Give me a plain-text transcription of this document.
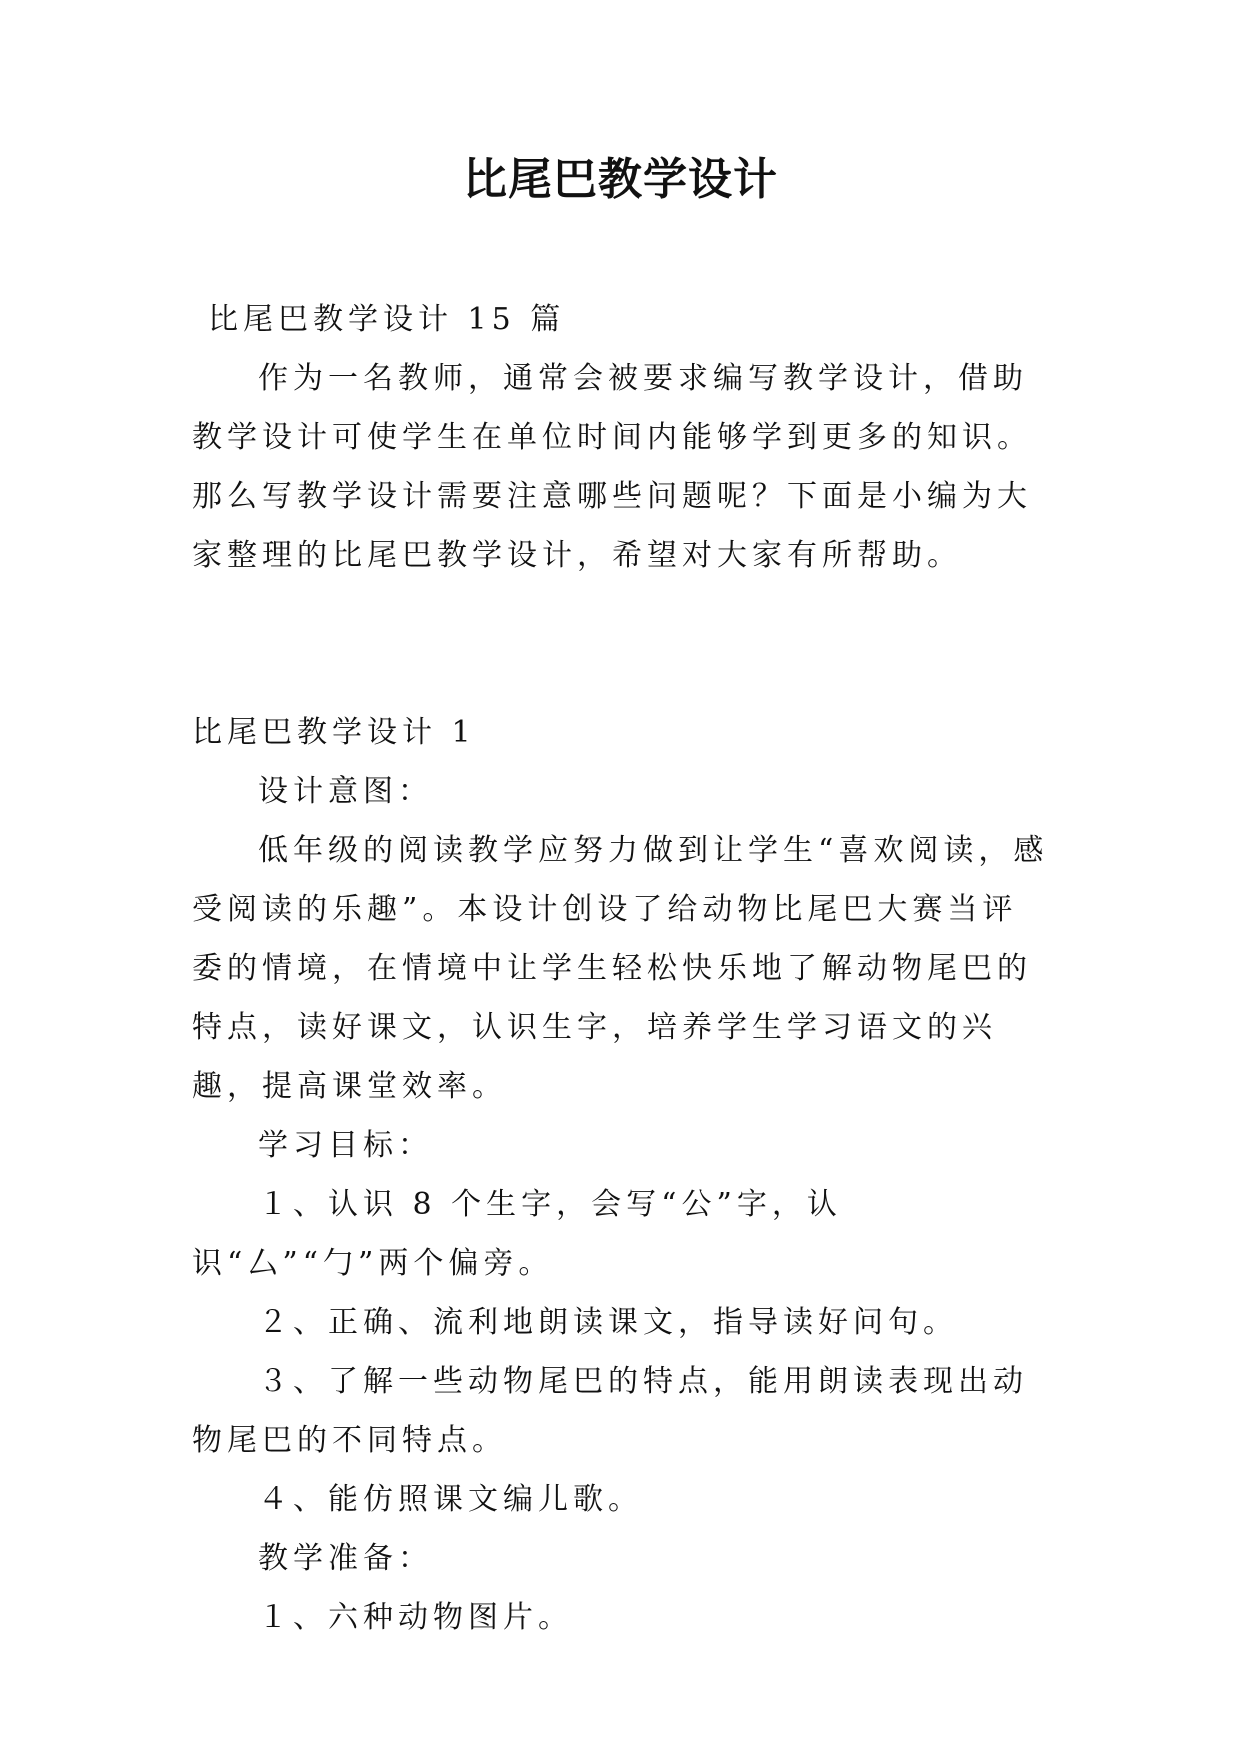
比尾巴教学设计

比尾巴教学设计 15 篇

作为一名教师，通常会被要求编写教学设计，借助教学设计可使学生在单位时间内能够学到更多的知识。那么写教学设计需要注意哪些问题呢？下面是小编为大家整理的比尾巴教学设计，希望对大家有所帮助。

比尾巴教学设计 1

设计意图：

低年级的阅读教学应努力做到让学生“喜欢阅读，感受阅读的乐趣”。本设计创设了给动物比尾巴大赛当评委的情境，在情境中让学生轻松快乐地了解动物尾巴的特点，读好课文，认识生字，培养学生学习语文的兴趣，提高课堂效率。

学习目标：

１、认识 8 个生字，会写“公”字，认识“厶”“勹”两个偏旁。

２、正确、流利地朗读课文，指导读好问句。

３、了解一些动物尾巴的特点，能用朗读表现出动物尾巴的不同特点。

４、能仿照课文编儿歌。

教学准备：

１、六种动物图片。
